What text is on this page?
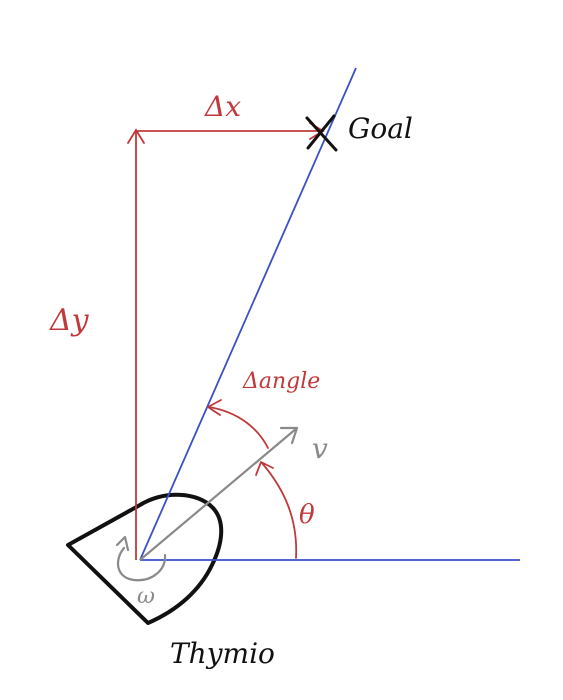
Δx
Δy
Goal
Δangle
v
θ
ω
Thymio
